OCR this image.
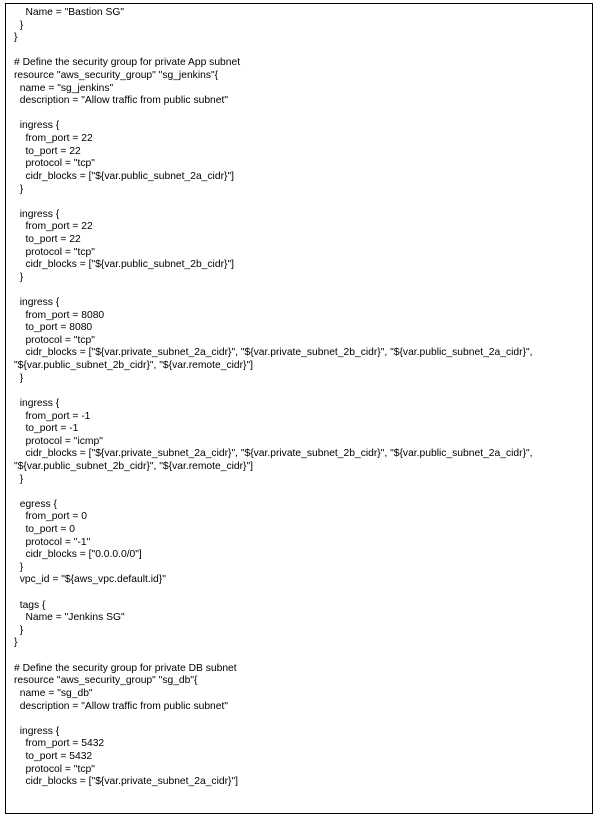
Name = "Bastion SG"
}
}
# Define the security group for private App subnet
resource "aws_security_group" "sg_jenkins"{
name = "sg_jenkins"
description = "Allow traffic from public subnet"
ingress {
from_port = 22
to_port = 22
protocol = "tcp"
cidr_blocks = ["${var.public_subnet_2a_cidr}"]
}
ingress {
from_port = 22
to_port = 22
protocol = "tcp"
cidr_blocks = ["${var.public_subnet_2b_cidr}"]
}
ingress {
from_port = 8080
to_port = 8080
protocol = "tcp"
cidr_blocks = ["${var.private_subnet_2a_cidr}", "${var.private_subnet_2b_cidr}", "${var.public_subnet_2a_cidr}",
"${var.public_subnet_2b_cidr}", "${var.remote_cidr}"]
}
ingress {
from_port = -1
to_port = -1
protocol = "icmp"
cidr_blocks = ["${var.private_subnet_2a_cidr}", "${var.private_subnet_2b_cidr}", "${var.public_subnet_2a_cidr}",
"${var.public_subnet_2b_cidr}", "${var.remote_cidr}"]
}
egress {
from_port = 0
to_port = 0
protocol = "-1"
cidr_blocks = ["0.0.0.0/0"]
}
vpc_id = "${aws_vpc.default.id}"
tags {
Name = "Jenkins SG"
}
}
# Define the security group for private DB subnet
resource "aws_security_group" "sg_db"{
name = "sg_db"
description = "Allow traffic from public subnet"
ingress {
from_port = 5432
to_port = 5432
protocol = "tcp"
cidr_blocks = ["${var.private_subnet_2a_cidr}"]
